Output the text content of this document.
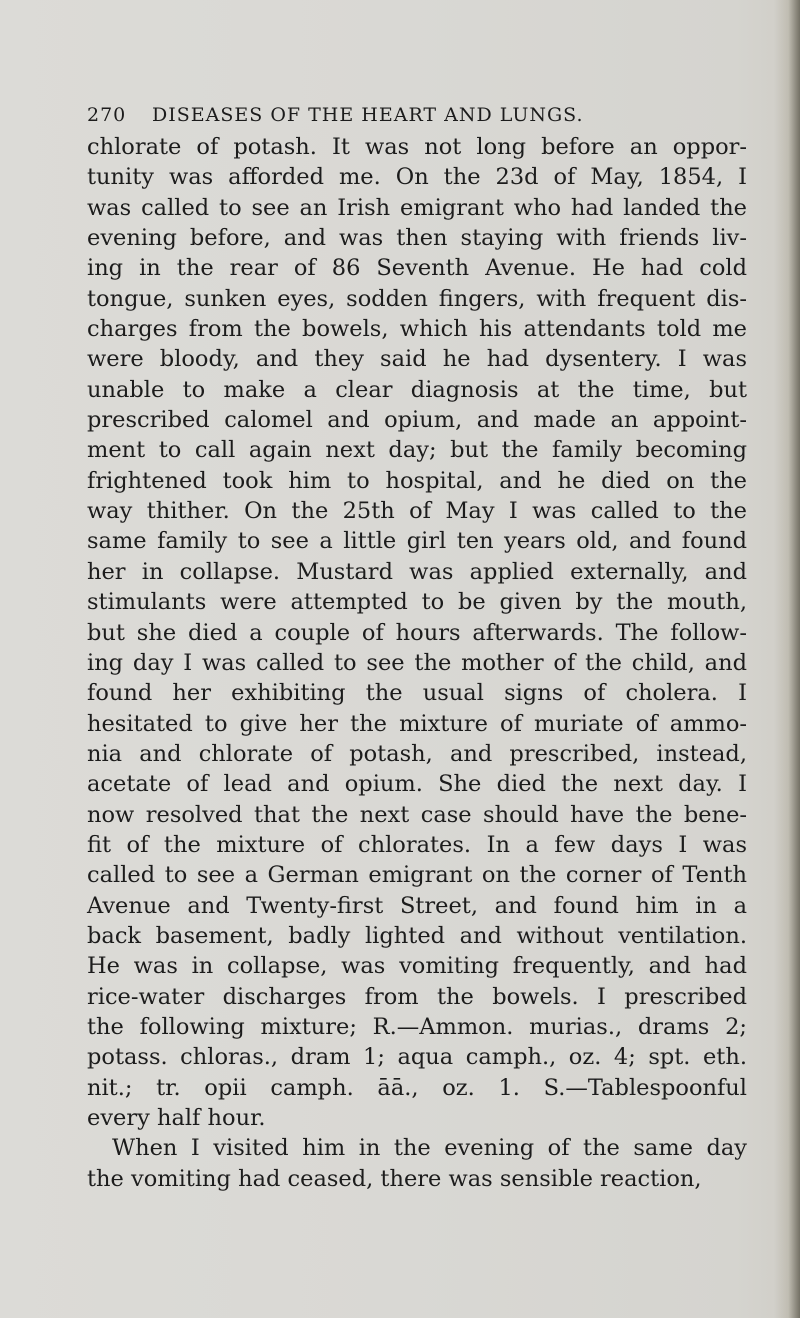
270 DISEASES OF THE HEART AND LUNGS.
chlorate of potash. It was not long before an oppor-
tunity was afforded me. On the 23d of May, 1854, I
was called to see an Irish emigrant who had landed the
evening before, and was then staying with friends liv-
ing in the rear of 86 Seventh Avenue. He had cold
tongue, sunken eyes, sodden fingers, with frequent dis-
charges from the bowels, which his attendants told me
were bloody, and they said he had dysentery. I was
unable to make a clear diagnosis at the time, but
prescribed calomel and opium, and made an appoint-
ment to call again next day; but the family becoming
frightened took him to hospital, and he died on the
way thither. On the 25th of May I was called to the
same family to see a little girl ten years old, and found
her in collapse. Mustard was applied externally, and
stimulants were attempted to be given by the mouth,
but she died a couple of hours afterwards. The follow-
ing day I was called to see the mother of the child, and
found her exhibiting the usual signs of cholera. I
hesitated to give her the mixture of muriate of ammo-
nia and chlorate of potash, and prescribed, instead,
acetate of lead and opium. She died the next day. I
now resolved that the next case should have the bene-
fit of the mixture of chlorates. In a few days I was
called to see a German emigrant on the corner of Tenth
Avenue and Twenty-first Street, and found him in a
back basement, badly lighted and without ventilation.
He was in collapse, was vomiting frequently, and had
rice-water discharges from the bowels. I prescribed
the following mixture; R.—Ammon. murias., drams 2;
potass. chloras., dram 1; aqua camph., oz. 4; spt. eth.
nit.; tr. opii camph. āā., oz. 1. S.—Tablespoonful
every half hour.
When I visited him in the evening of the same day
the vomiting had ceased, there was sensible reaction,
